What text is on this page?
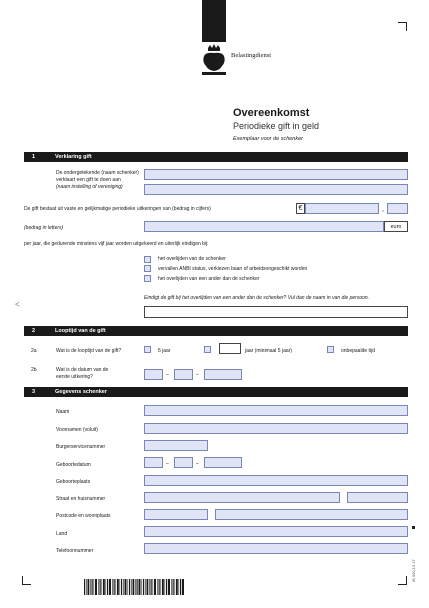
Belastingdienst
Overeenkomst
Periodieke gift in geld
Exemplaar voor de schenker
<
1	Verklaring gift
De ondergetekende (naam schenker)
verklaart een gift te doen aan
(naam instelling of vereniging)
De gift bestaat uit vaste en gelijkmatige periodieke uitkeringen van (bedrag in cijfers)	€	,
(bedrag in letters)	euro
per jaar, die gedurende minstens vijf jaar worden uitgekeerd en uiterlijk eindigen bij:
het overlijden van de schenker
vervallen ANBI status, verkiezen baan of arbeidsongeschikt worden
het overlijden van een ander dan de schenker
Eindigt de gift bij het overlijden van een ander dan de schenker? Vul dan de naam in van die persoon.
2	Looptijd van de gift
2a	Wat is de looptijd van de gift?	5 jaar	jaar (minimaal 5 jaar)	onbepaalde tijd
2b	Wat is de datum van de
eerste uitkering?	–	–
3	Gegevens schenker
Naam
Voornamen (voluit)
Burgerservicenummer
Geboortedatum	–	–
Geboorteplaats
Straat en huisnummer
Postcode en woonplaats
Land
Telefoonnummer
IB 000 1Z 1T
